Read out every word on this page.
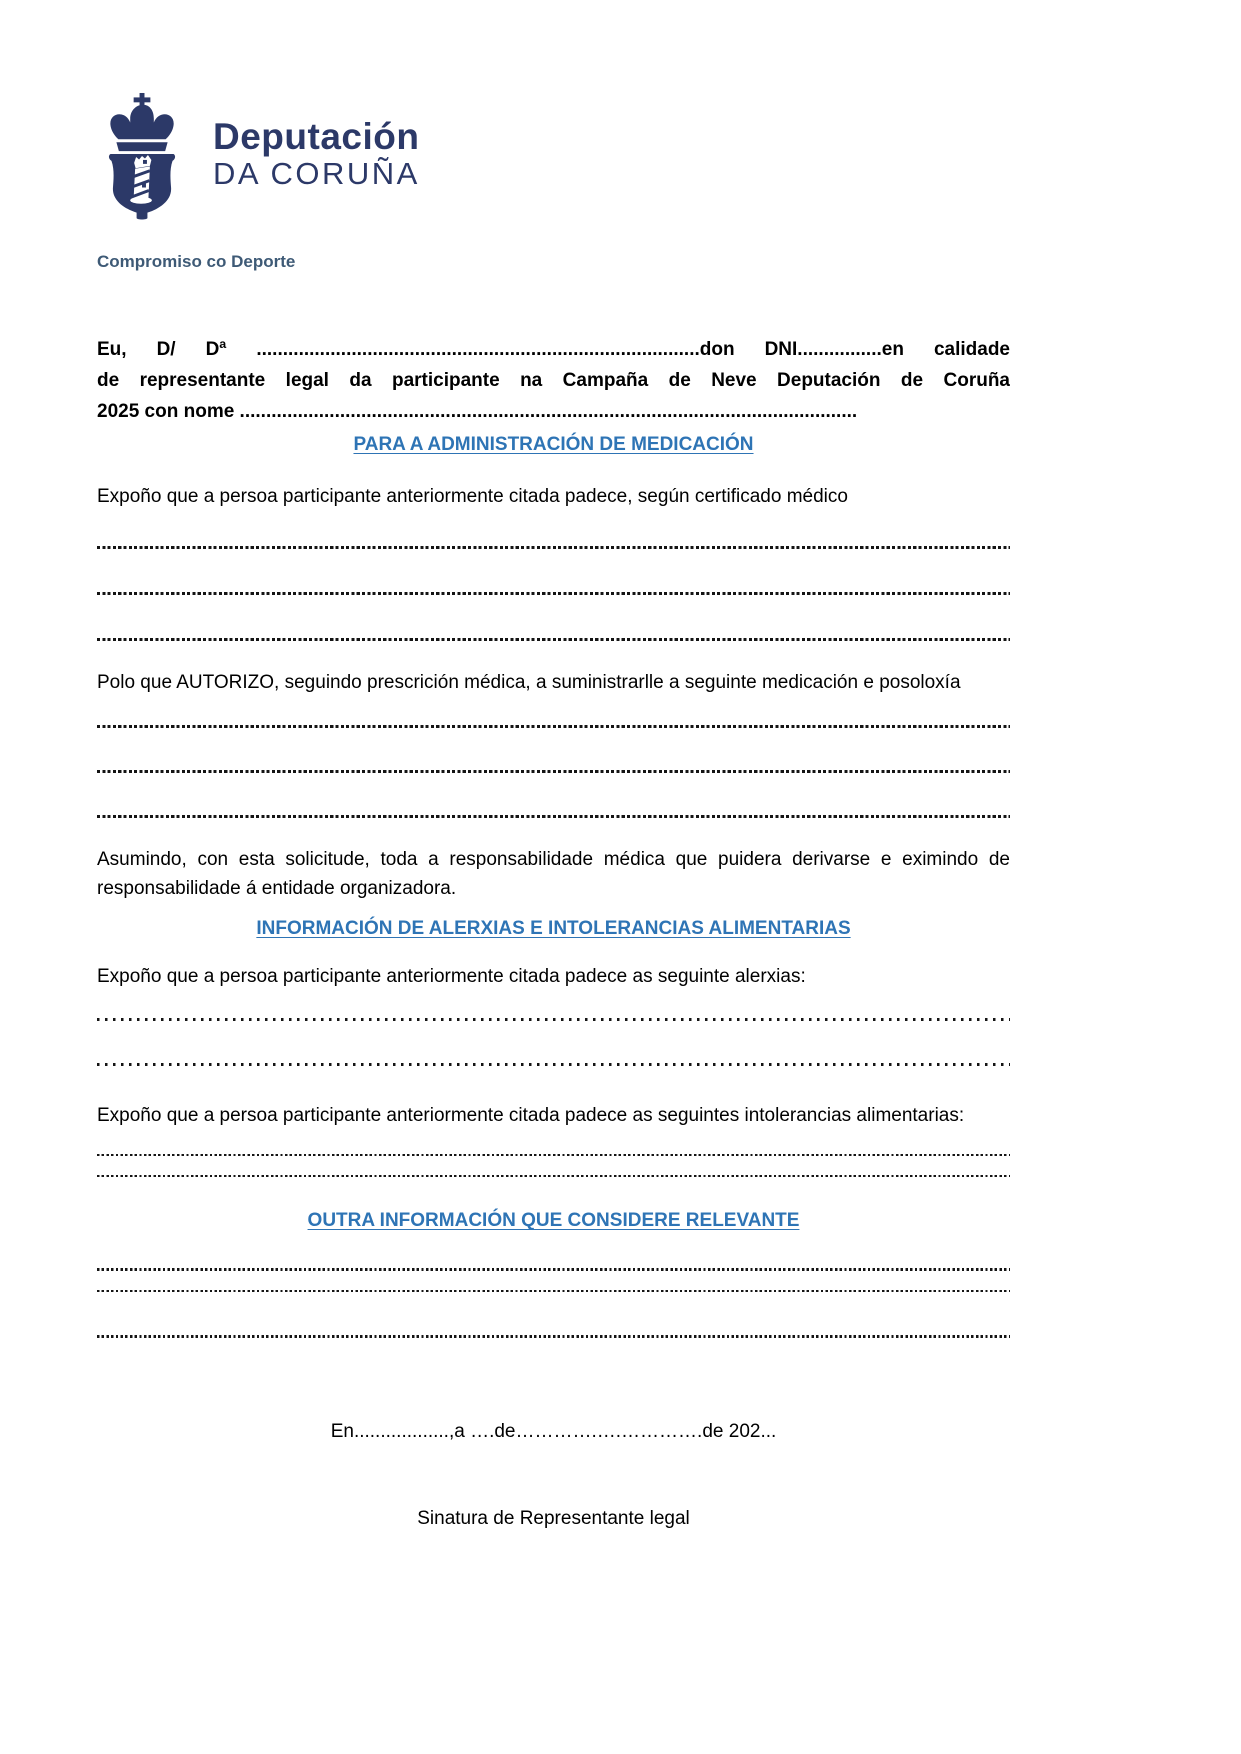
Deputación
DA CORUÑA
Compromiso co Deporte

Eu, D/ Dª ....................................................................................don DNI................en calidade
de representante legal da participante na Campaña de Neve Deputación de Coruña
2025 con nome .....................................................................................................................

PARA A ADMINISTRACIÓN DE MEDICACIÓN

Expoño que a persoa participante anteriormente citada padece, según certificado médico

Polo que AUTORIZO, seguindo prescrición médica, a suministrarlle a seguinte medicación e posoloxía

Asumindo, con esta solicitude, toda a responsabilidade médica que puidera derivarse e eximindo de responsabilidade á entidade organizadora.

INFORMACIÓN DE ALERXIAS E INTOLERANCIAS ALIMENTARIAS

Expoño que a persoa participante anteriormente citada padece as seguinte alerxias:

Expoño que a persoa participante anteriormente citada padece as seguintes intolerancias alimentarias:

OUTRA INFORMACIÓN QUE CONSIDERE RELEVANTE

En..................,a ….de………….….………….de 202...

Sinatura de Representante legal
